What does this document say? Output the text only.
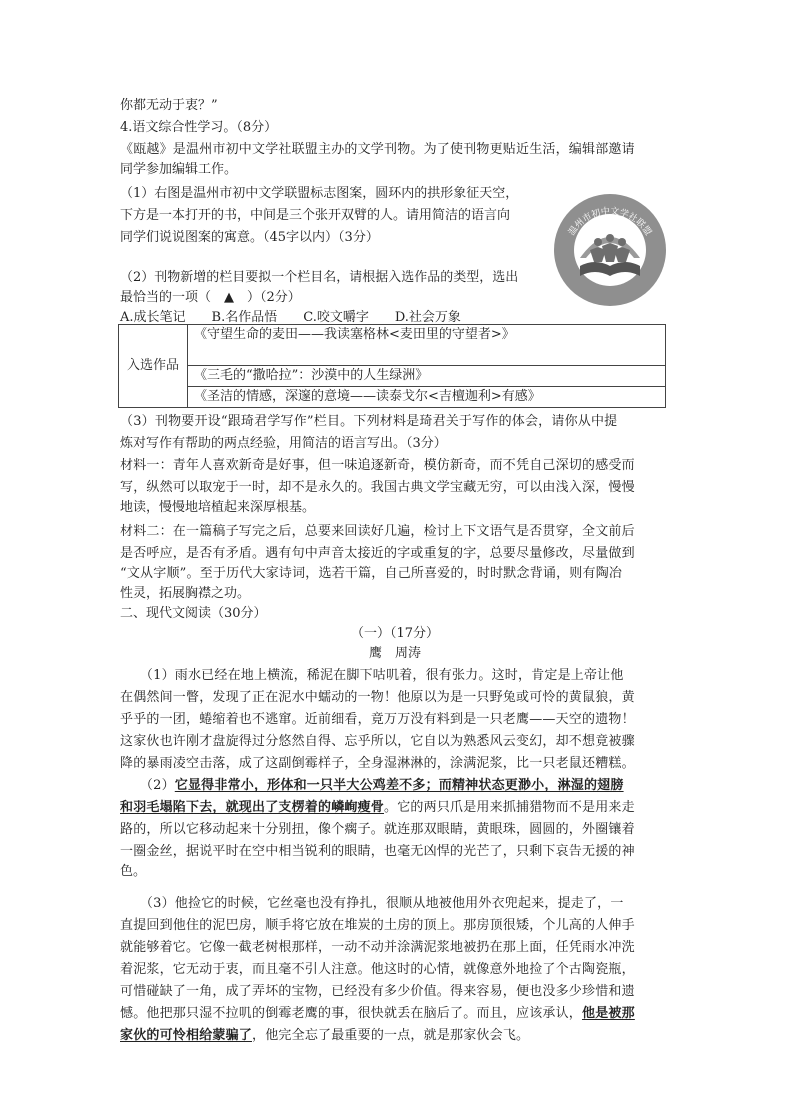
你都无动于衷？”
4.语文综合性学习。（8分）
《瓯越》是温州市初中文学社联盟主办的文学刊物。为了使刊物更贴近生活，编辑部邀请
同学参加编辑工作。
（1）右图是温州市初中文学联盟标志图案，圆环内的拱形象征天空，
下方是一本打开的书，中间是三个张开双臂的人。请用简洁的语言向
同学们说说图案的寓意。（45字以内）（3分）
（2）刊物新增的栏目要拟一个栏目名，请根据入选作品的类型，选出
最恰当的一项（　▲　）（2分）
A.成长笔记　　B.名作品悟　　C.咬文嚼字　　D.社会万象
温州市初中文学社联盟
入选作品	《守望生命的麦田——我读塞格林<麦田里的守望者>》
《三毛的“撒哈拉”：沙漠中的人生绿洲》
《圣洁的情感，深邃的意境——读泰戈尔<吉檀迦利>有感》
（3）刊物要开设“跟琦君学写作”栏目。下列材料是琦君关于写作的体会，请你从中提
炼对写作有帮助的两点经验，用简洁的语言写出。（3分）
材料一：青年人喜欢新奇是好事，但一味追逐新奇，模仿新奇，而不凭自己深切的感受而
写，纵然可以取宠于一时，却不是永久的。我国古典文学宝藏无穷，可以由浅入深，慢慢
地读，慢慢地培植起来深厚根基。
材料二：在一篇稿子写完之后，总要来回读好几遍，检讨上下文语气是否贯穿，全文前后
是否呼应，是否有矛盾。遇有句中声音太接近的字或重复的字，总要尽量修改，尽量做到
“文从字顺”。至于历代大家诗词，选若干篇，自己所喜爱的，时时默念背诵，则有陶冶
性灵，拓展胸襟之功。
二、现代文阅读（30分）
（一）（17分）
鹰　周涛
　　（1）雨水已经在地上横流，稀泥在脚下咕叽着，很有张力。这时，肯定是上帝让他
在偶然间一瞥，发现了正在泥水中蠕动的一物！他原以为是一只野兔或可怜的黄鼠狼，黄
乎乎的一团，蜷缩着也不逃窜。近前细看，竟万万没有料到是一只老鹰——天空的遗物！
这家伙也许刚才盘旋得过分悠然自得、忘乎所以，它自以为熟悉风云变幻，却不想竟被骤
降的暴雨凌空击落，成了这副倒霉样子，全身湿淋淋的，涂满泥浆，比一只老鼠还糟糕。
　　（2）它显得非常小，形体和一只半大公鸡差不多；而精神状态更渺小，淋湿的翅膀
和羽毛塌陷下去，就现出了支楞着的嶙峋瘦骨。它的两只爪是用来抓捕猎物而不是用来走
路的，所以它移动起来十分别扭，像个瘸子。就连那双眼睛，黄眼珠，圆圆的，外圈镶着
一圈金丝，据说平时在空中相当锐利的眼睛，也毫无凶悍的光芒了，只剩下哀告无援的神
色。
　　（3）他捡它的时候，它丝毫也没有挣扎，很顺从地被他用外衣兜起来，提走了，一
直提回到他住的泥巴房，顺手将它放在堆炭的土房的顶上。那房顶很矮，个儿高的人伸手
就能够着它。它像一截老树根那样，一动不动并涂满泥浆地被扔在那上面，任凭雨水冲洗
着泥浆，它无动于衷，而且毫不引人注意。他这时的心情，就像意外地捡了个古陶瓷瓶，
可惜碰缺了一角，成了弄坏的宝物，已经没有多少价值。得来容易，便也没多少珍惜和遗
憾。他把那只湿不拉叽的倒霉老鹰的事，很快就丢在脑后了。而且，应该承认，他是被那
家伙的可怜相给蒙骗了，他完全忘了最重要的一点，就是那家伙会飞。
